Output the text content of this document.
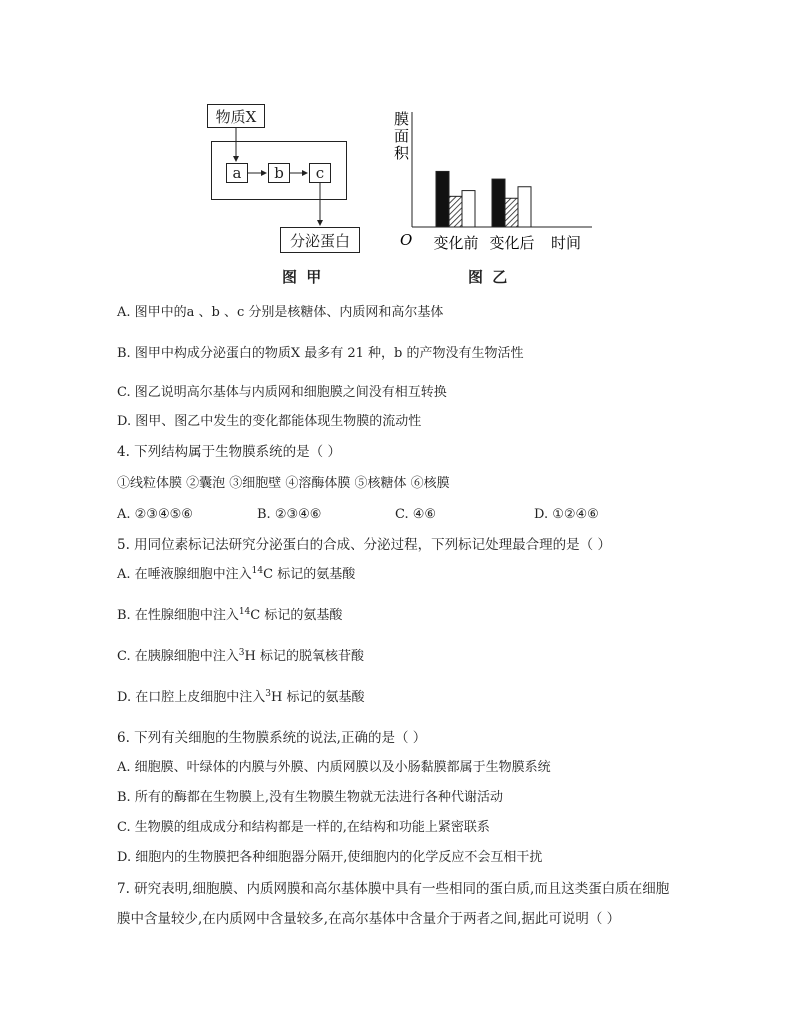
物质X
a b c
分泌蛋白
图 甲
膜面积
O 变化前 变化后 时间
图 乙
A. 图甲中的a 、b 、c 分别是核糖体、内质网和高尔基体
B. 图甲中构成分泌蛋白的物质X 最多有 21 种，b 的产物没有生物活性
C. 图乙说明高尔基体与内质网和细胞膜之间没有相互转换
D. 图甲、图乙中发生的变化都能体现生物膜的流动性
4. 下列结构属于生物膜系统的是（ ）
①线粒体膜 ②囊泡 ③细胞壁 ④溶酶体膜 ⑤核糖体 ⑥核膜
A. ②③④⑤⑥	B. ②③④⑥	C. ④⑥	D. ①②④⑥
5. 用同位素标记法研究分泌蛋白的合成、分泌过程，下列标记处理最合理的是（ ）
A. 在唾液腺细胞中注入$^{14}$C 标记的氨基酸
B. 在性腺细胞中注入$^{14}$C 标记的氨基酸
C. 在胰腺细胞中注入$^3$H 标记的脱氧核苷酸
D. 在口腔上皮细胞中注入$^3$H 标记的氨基酸
6. 下列有关细胞的生物膜系统的说法,正确的是（ ）
A. 细胞膜、叶绿体的内膜与外膜、内质网膜以及小肠黏膜都属于生物膜系统
B. 所有的酶都在生物膜上,没有生物膜生物就无法进行各种代谢活动
C. 生物膜的组成成分和结构都是一样的,在结构和功能上紧密联系
D. 细胞内的生物膜把各种细胞器分隔开,使细胞内的化学反应不会互相干扰
7. 研究表明,细胞膜、内质网膜和高尔基体膜中具有一些相同的蛋白质,而且这类蛋白质在细胞
膜中含量较少,在内质网中含量较多,在高尔基体中含量介于两者之间,据此可说明（ ）
